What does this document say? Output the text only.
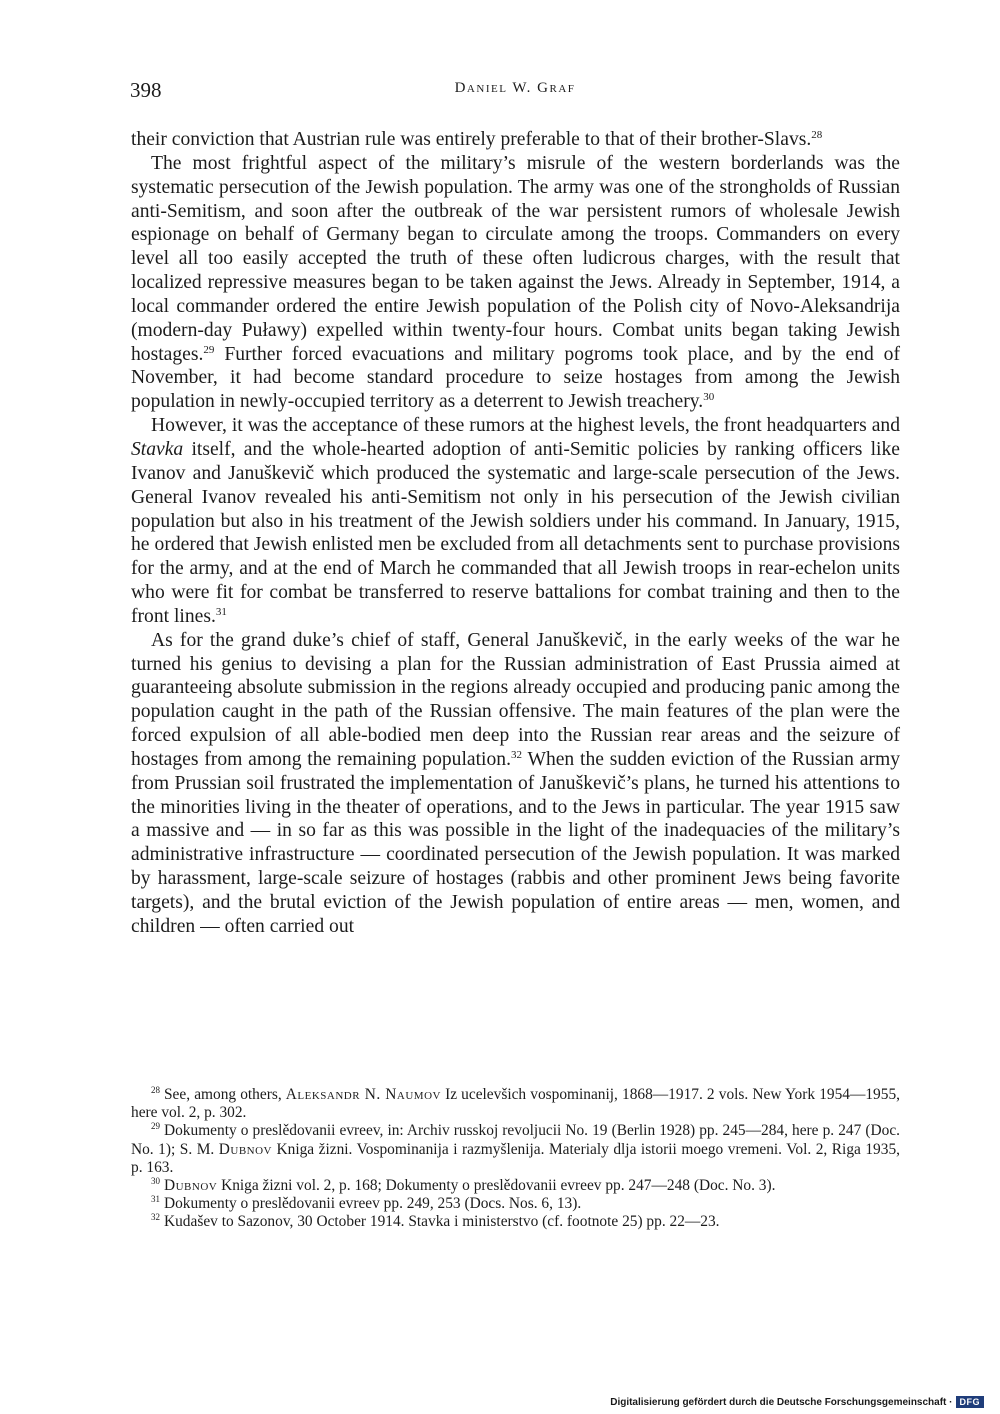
398	Daniel W. Graf

their conviction that Austrian rule was entirely preferable to that of their brother-Slavs.$^{28}$

The most frightful aspect of the military’s misrule of the western borderlands was the systematic persecution of the Jewish population. The army was one of the strongholds of Russian anti-Semitism, and soon after the outbreak of the war persistent rumors of wholesale Jewish espionage on behalf of Germany began to circulate among the troops. Commanders on every level all too easily accepted the truth of these often ludicrous charges, with the result that localized repressive measures began to be taken against the Jews. Already in September, 1914, a local commander ordered the entire Jewish population of the Polish city of Novo-Aleksandrija (modern-day Puławy) expelled within twenty-four hours. Combat units began taking Jewish hostages.$^{29}$ Further forced evacuations and military pogroms took place, and by the end of November, it had become standard procedure to seize hostages from among the Jewish population in newly-occupied territory as a deterrent to Jewish treachery.$^{30}$

However, it was the acceptance of these rumors at the highest levels, the front headquarters and Stavka itself, and the whole-hearted adoption of anti-Semitic policies by ranking officers like Ivanov and Januškevič which produced the systematic and large-scale persecution of the Jews. General Ivanov revealed his anti-Semitism not only in his persecution of the Jewish civilian population but also in his treatment of the Jewish soldiers under his command. In January, 1915, he ordered that Jewish enlisted men be excluded from all detachments sent to purchase provisions for the army, and at the end of March he commanded that all Jewish troops in rear-echelon units who were fit for combat be transferred to reserve battalions for combat training and then to the front lines.$^{31}$

As for the grand duke’s chief of staff, General Januškevič, in the early weeks of the war he turned his genius to devising a plan for the Russian administration of East Prussia aimed at guaranteeing absolute submission in the regions already occupied and producing panic among the population caught in the path of the Russian offensive. The main features of the plan were the forced expulsion of all able-bodied men deep into the Russian rear areas and the seizure of hostages from among the remaining population.$^{32}$ When the sudden eviction of the Russian army from Prussian soil frustrated the implementation of Januškevič’s plans, he turned his attentions to the minorities living in the theater of operations, and to the Jews in particular. The year 1915 saw a massive and — in so far as this was possible in the light of the inadequacies of the military’s administrative infrastructure — coordinated persecution of the Jewish population. It was marked by harassment, large-scale seizure of hostages (rabbis and other prominent Jews being favorite targets), and the brutal eviction of the Jewish population of entire areas — men, women, and children — often carried out

$^{28}$ See, among others, Aleksandr N. Naumov Iz ucelevšich vospominanij, 1868—1917. 2 vols. New York 1954—1955, here vol. 2, p. 302.

$^{29}$ Dokumenty o preslědovanii evreev, in: Archiv russkoj revoljucii No. 19 (Berlin 1928) pp. 245—284, here p. 247 (Doc. No. 1); S. M. Dubnov Kniga žizni. Vospominanija i razmyšlenija. Materialy dlja istorii moego vremeni. Vol. 2, Riga 1935, p. 163.

$^{30}$ Dubnov Kniga žizni vol. 2, p. 168; Dokumenty o preslědovanii evreev pp. 247—248 (Doc. No. 3).

$^{31}$ Dokumenty o preslědovanii evreev pp. 249, 253 (Docs. Nos. 6, 13).

$^{32}$ Kudašev to Sazonov, 30 October 1914. Stavka i ministerstvo (cf. footnote 25) pp. 22—23.

Digitalisierung gefördert durch die Deutsche Forschungsgemeinschaft · DFG
